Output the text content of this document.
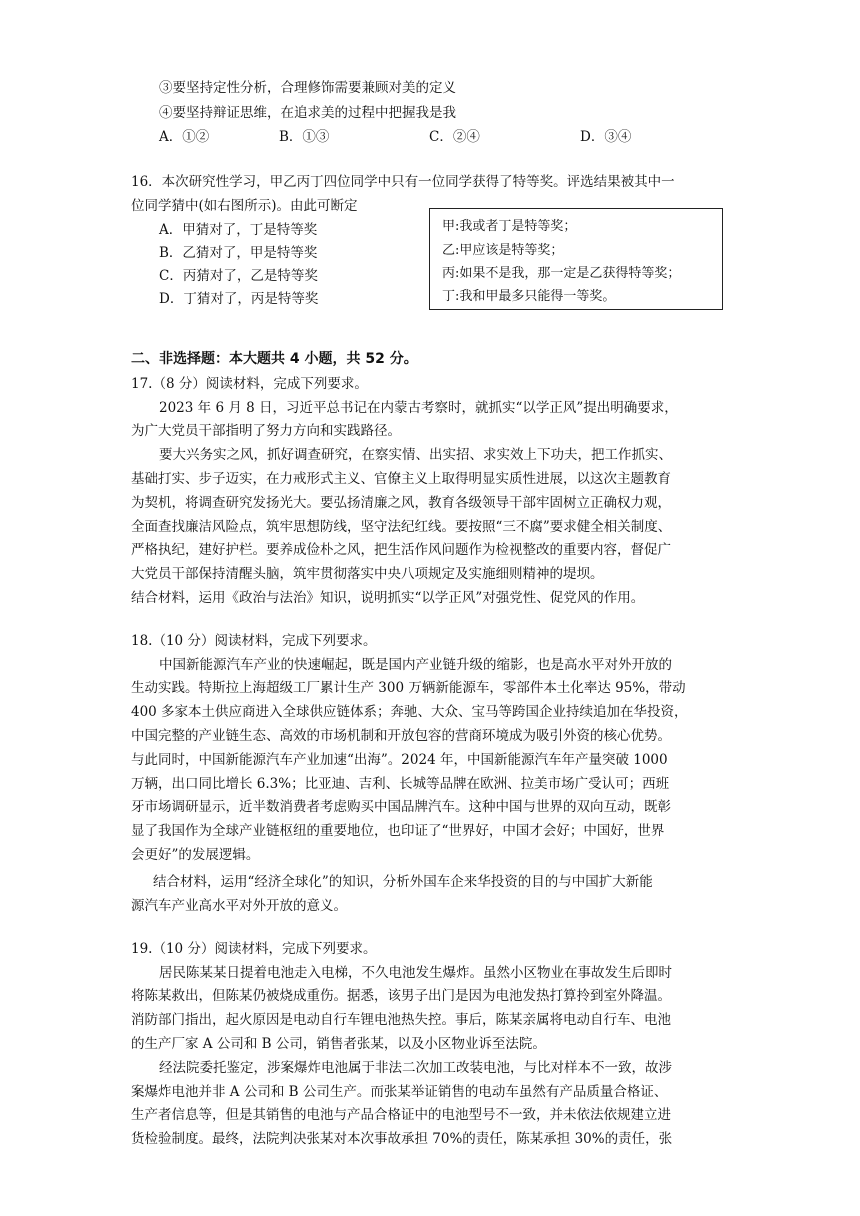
③要坚持定性分析，合理修饰需要兼顾对美的定义
④要坚持辩证思维，在追求美的过程中把握我是我
A．①②	B．①③	C．②④	D．③④
16．本次研究性学习，甲乙丙丁四位同学中只有一位同学获得了特等奖。评选结果被其中一
位同学猜中(如右图所示)。由此可断定
A．甲猜对了，丁是特等奖
B．乙猜对了，甲是特等奖
C．丙猜对了，乙是特等奖
D．丁猜对了，丙是特等奖
甲:我或者丁是特等奖；
乙:甲应该是特等奖；
丙:如果不是我，那一定是乙获得特等奖；
丁:我和甲最多只能得一等奖。
二、非选择题：本大题共 4 小题，共 52 分。
17.（8 分）阅读材料，完成下列要求。
2023 年 6 月 8 日，习近平总书记在内蒙古考察时，就抓实“以学正风”提出明确要求，
为广大党员干部指明了努力方向和实践路径。
要大兴务实之风，抓好调查研究，在察实情、出实招、求实效上下功夫，把工作抓实、
基础打实、步子迈实，在力戒形式主义、官僚主义上取得明显实质性进展，以这次主题教育
为契机，将调查研究发扬光大。要弘扬清廉之风，教育各级领导干部牢固树立正确权力观，
全面查找廉洁风险点，筑牢思想防线，坚守法纪红线。要按照“三不腐”要求健全相关制度、
严格执纪，建好护栏。要养成俭朴之风，把生活作风问题作为检视整改的重要内容，督促广
大党员干部保持清醒头脑，筑牢贯彻落实中央八项规定及实施细则精神的堤坝。
结合材料，运用《政治与法治》知识，说明抓实“以学正风”对强党性、促党风的作用。
18.（10 分）阅读材料，完成下列要求。
中国新能源汽车产业的快速崛起，既是国内产业链升级的缩影，也是高水平对外开放的
生动实践。特斯拉上海超级工厂累计生产 300 万辆新能源车，零部件本土化率达 95%，带动
400 多家本土供应商进入全球供应链体系；奔驰、大众、宝马等跨国企业持续追加在华投资，
中国完整的产业链生态、高效的市场机制和开放包容的营商环境成为吸引外资的核心优势。
与此同时，中国新能源汽车产业加速“出海”。2024 年，中国新能源汽车年产量突破 1000
万辆，出口同比增长 6.3%；比亚迪、吉利、长城等品牌在欧洲、拉美市场广受认可；西班
牙市场调研显示，近半数消费者考虑购买中国品牌汽车。这种中国与世界的双向互动，既彰
显了我国作为全球产业链枢纽的重要地位，也印证了“世界好，中国才会好；中国好，世界
会更好”的发展逻辑。
结合材料，运用“经济全球化”的知识，分析外国车企来华投资的目的与中国扩大新能
源汽车产业高水平对外开放的意义。
19.（10 分）阅读材料，完成下列要求。
居民陈某某日提着电池走入电梯，不久电池发生爆炸。虽然小区物业在事故发生后即时
将陈某救出，但陈某仍被烧成重伤。据悉，该男子出门是因为电池发热打算拎到室外降温。
消防部门指出，起火原因是电动自行车锂电池热失控。事后，陈某亲属将电动自行车、电池
的生产厂家 A 公司和 B 公司，销售者张某，以及小区物业诉至法院。
经法院委托鉴定，涉案爆炸电池属于非法二次加工改装电池，与比对样本不一致，故涉
案爆炸电池并非 A 公司和 B 公司生产。而张某举证销售的电动车虽然有产品质量合格证、
生产者信息等，但是其销售的电池与产品合格证中的电池型号不一致，并未依法依规建立进
货检验制度。最终，法院判决张某对本次事故承担 70%的责任，陈某承担 30%的责任，张
